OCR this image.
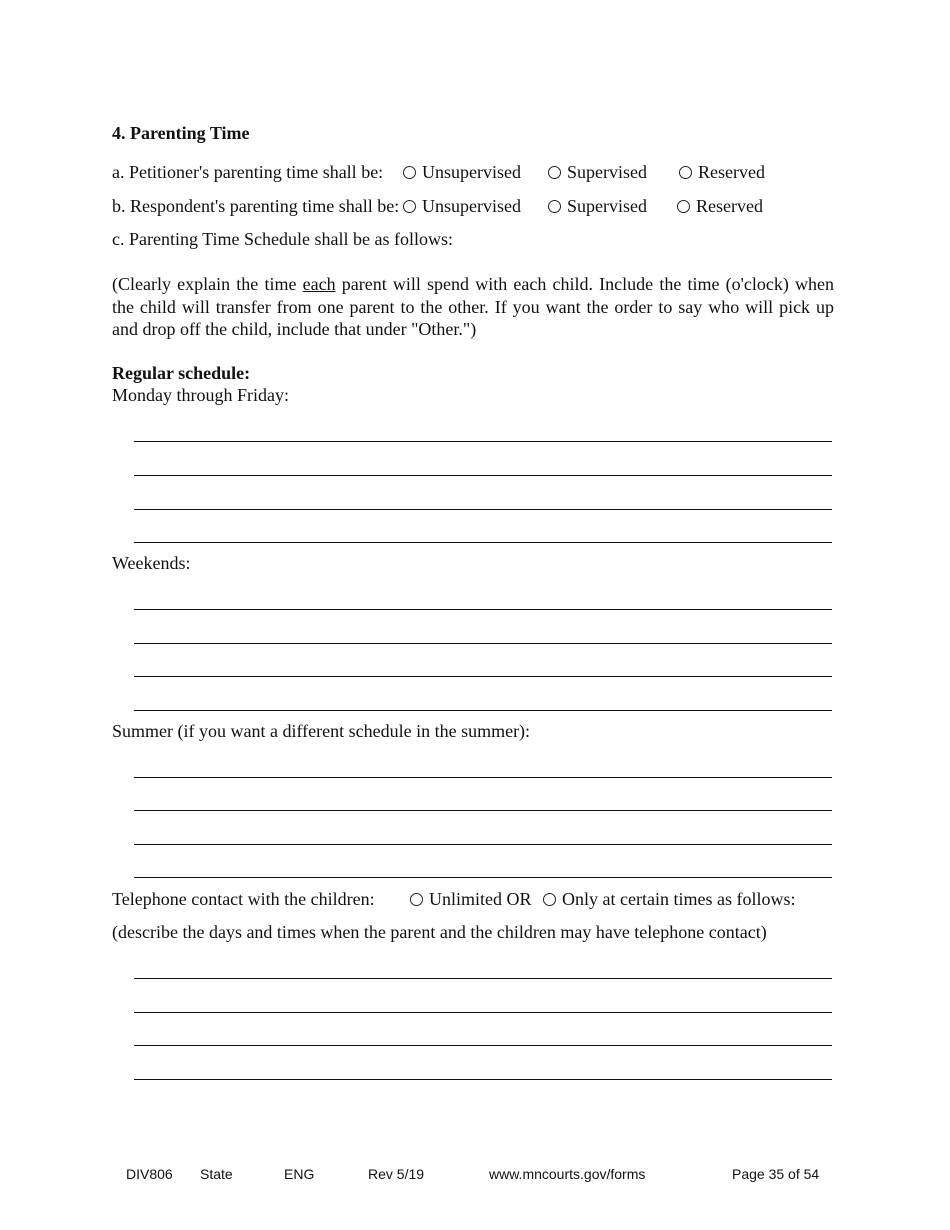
4. Parenting Time
a. Petitioner's parenting time shall be:	Unsupervised	Supervised	Reserved
b. Respondent's parenting time shall be:	Unsupervised	Supervised	Reserved
c. Parenting Time Schedule shall be as follows:
(Clearly explain the time each parent will spend with each child. Include the time (o'clock) when the child will transfer from one parent to the other. If you want the order to say who will pick up and drop off the child, include that under "Other.")
Regular schedule:
Monday through Friday:
Weekends:
Summer (if you want a different schedule in the summer):
Telephone contact with the children:	Unlimited OR	Only at certain times as follows:
(describe the days and times when the parent and the children may have telephone contact)
DIV806 State	ENG	Rev 5/19	www.mncourts.gov/forms	Page 35 of 54
